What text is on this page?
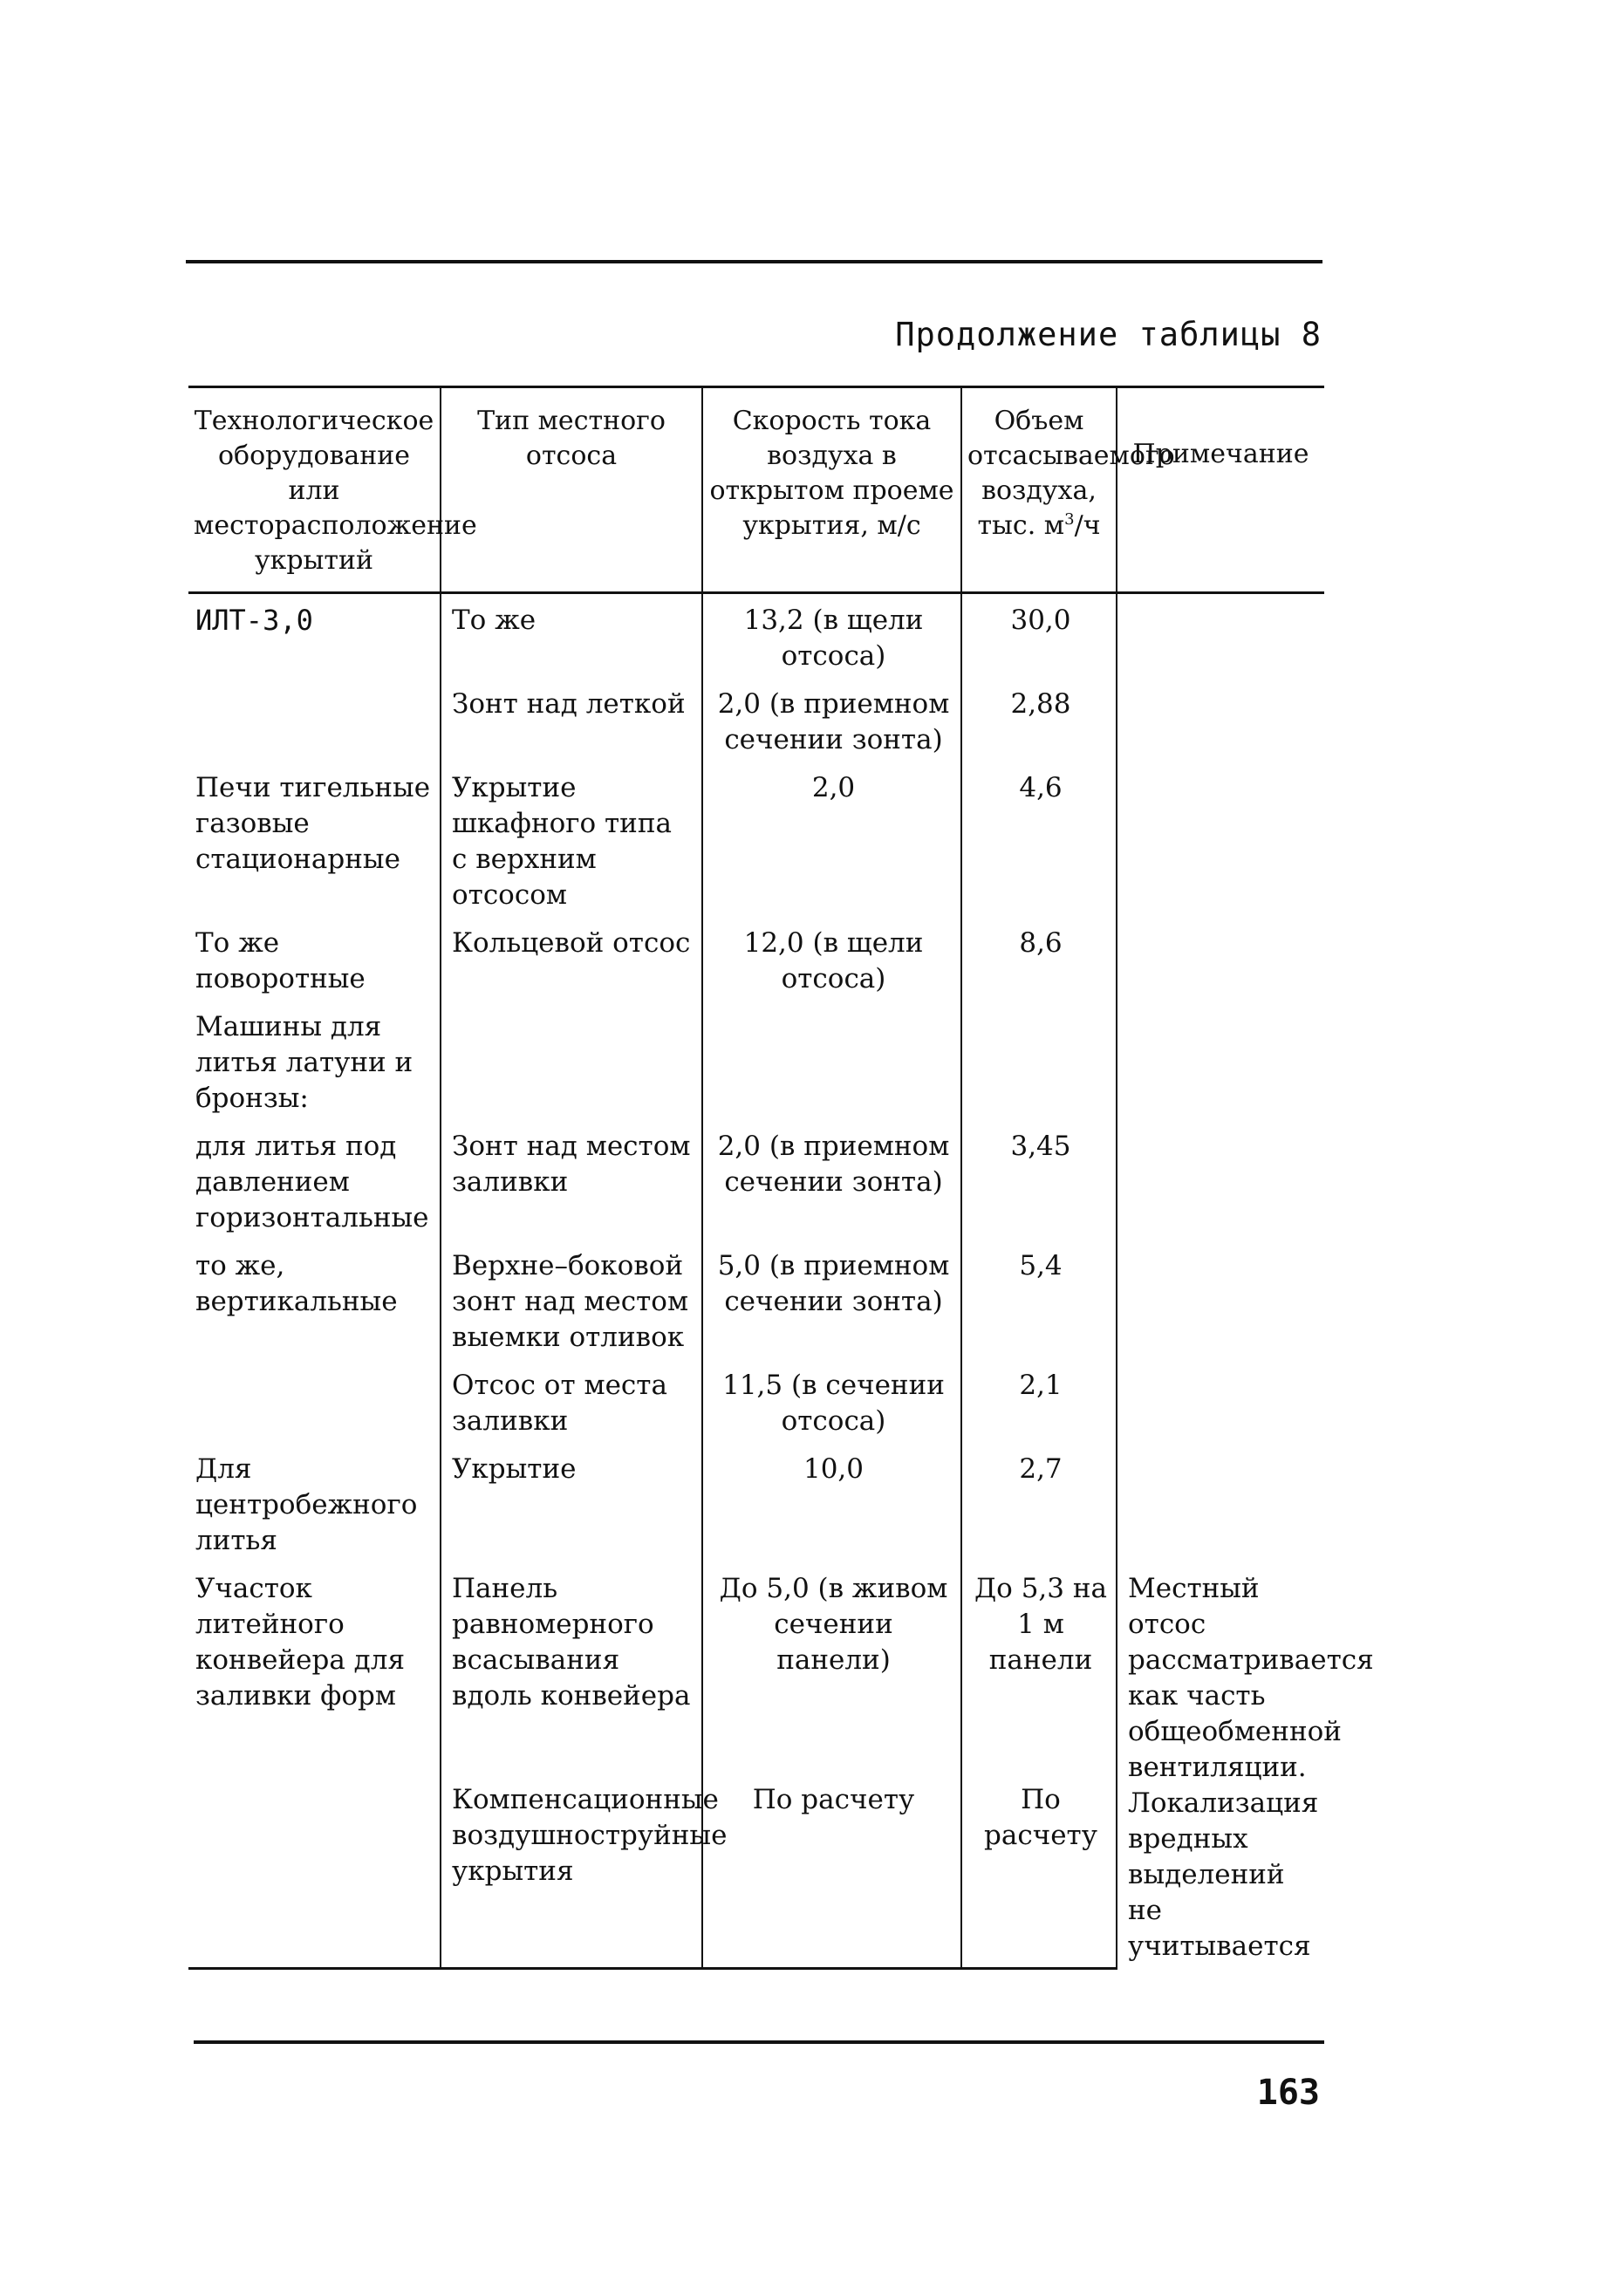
Продолжение таблицы 8
Технологическое оборудование или месторасположение укрытий	Тип местного отсоса	Скорость тока воздуха в открытом проеме укрытия, м/с	Объем отсасываемого воздуха, тыс. $м^3/ч$	Примечание
ИЛТ-3,0	То же	13,2 (в щели отсоса)	30,0	
	Зонт над леткой	2,0 (в приемном сечении зонта)	2,88	
Печи тигельные газовые стационарные	Укрытие шкафного типа с верхним отсосом	2,0	4,6	
То же поворотные	Кольцевой отсос	12,0 (в щели отсоса)	8,6	
Машины для литья латуни и бронзы:				
для литья под давлением горизонтальные	Зонт над местом заливки	2,0 (в приемном сечении зонта)	3,45	
то же, вертикальные	Верхне–боковой зонт над местом выемки отливок	5,0 (в приемном сечении зонта)	5,4	
	Отсос от места заливки	11,5 (в сечении отсоса)	2,1	
Для центробежного литья	Укрытие	10,0	2,7	
Участок литейного конвейера для заливки форм	Панель равномерного всасывания вдоль конвейера	До 5,0 (в живом сечении панели)	До 5,3 на 1 м панели	Местный отсос рассматривается как часть общеобменной вентиляции. Локализация вредных выделений не учитывается
	Компенсационные воздушноструйные укрытия	По расчету	По расчету	
163
